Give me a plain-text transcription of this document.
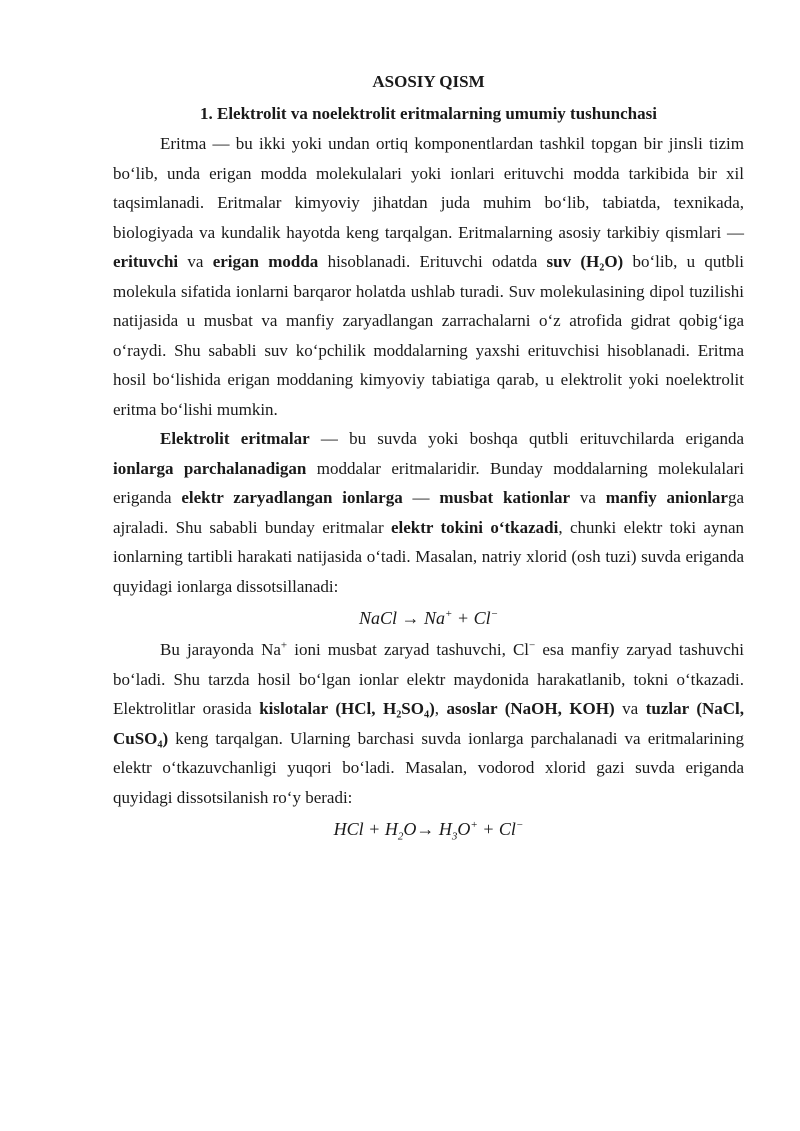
ASOSIY QISM
1. Elektrolit va noelektrolit eritmalarning umumiy tushunchasi

Eritma — bu ikki yoki undan ortiq komponentlardan tashkil topgan bir jinsli tizim bo‘lib, unda erigan modda molekulalari yoki ionlari erituvchi modda tarkibida bir xil taqsimlanadi. Eritmalar kimyoviy jihatdan juda muhim bo‘lib, tabiatda, texnikada, biologiyada va kundalik hayotda keng tarqalgan. Eritmalarning asosiy tarkibiy qismlari — erituvchi va erigan modda hisoblanadi. Erituvchi odatda suv (H₂O) bo‘lib, u qutbli molekula sifatida ionlarni barqaror holatda ushlab turadi. Suv molekulasining dipol tuzilishi natijasida u musbat va manfiy zaryadlangan zarrachalarni o‘z atrofida gidrat qobig‘iga o‘raydi. Shu sababli suv ko‘pchilik moddalarning yaxshi erituvchisi hisoblanadi. Eritma hosil bo‘lishida erigan moddaning kimyoviy tabiatiga qarab, u elektrolit yoki noelektrolit eritma bo‘lishi mumkin.

Elektrolit eritmalar — bu suvda yoki boshqa qutbli erituvchilarda eriganda ionlarga parchalanadigan moddalar eritmalaridir. Bunday moddalarning molekulalari eriganda elektr zaryadlangan ionlarga — musbat kationlar va manfiy anionlarga ajraladi. Shu sababli bunday eritmalar elektr tokini o‘tkazadi, chunki elektr toki aynan ionlarning tartibli harakati natijasida o‘tadi. Masalan, natriy xlorid (osh tuzi) suvda eriganda quyidagi ionlarga dissotsillanadi:

NaCl → Na+ + Cl−

Bu jarayonda Na+ ioni musbat zaryad tashuvchi, Cl− esa manfiy zaryad tashuvchi bo‘ladi. Shu tarzda hosil bo‘lgan ionlar elektr maydonida harakatlanib, tokni o‘tkazadi. Elektrolitlar orasida kislotalar (HCl, H₂SO₄), asoslar (NaOH, KOH) va tuzlar (NaCl, CuSO₄) keng tarqalgan. Ularning barchasi suvda ionlarga parchalanadi va eritmalarining elektr o‘tkazuvchanligi yuqori bo‘ladi. Masalan, vodorod xlorid gazi suvda eriganda quyidagi dissotsilanish ro‘y beradi:

HCl + $H_2O\to H_3O^+ + Cl^-$
